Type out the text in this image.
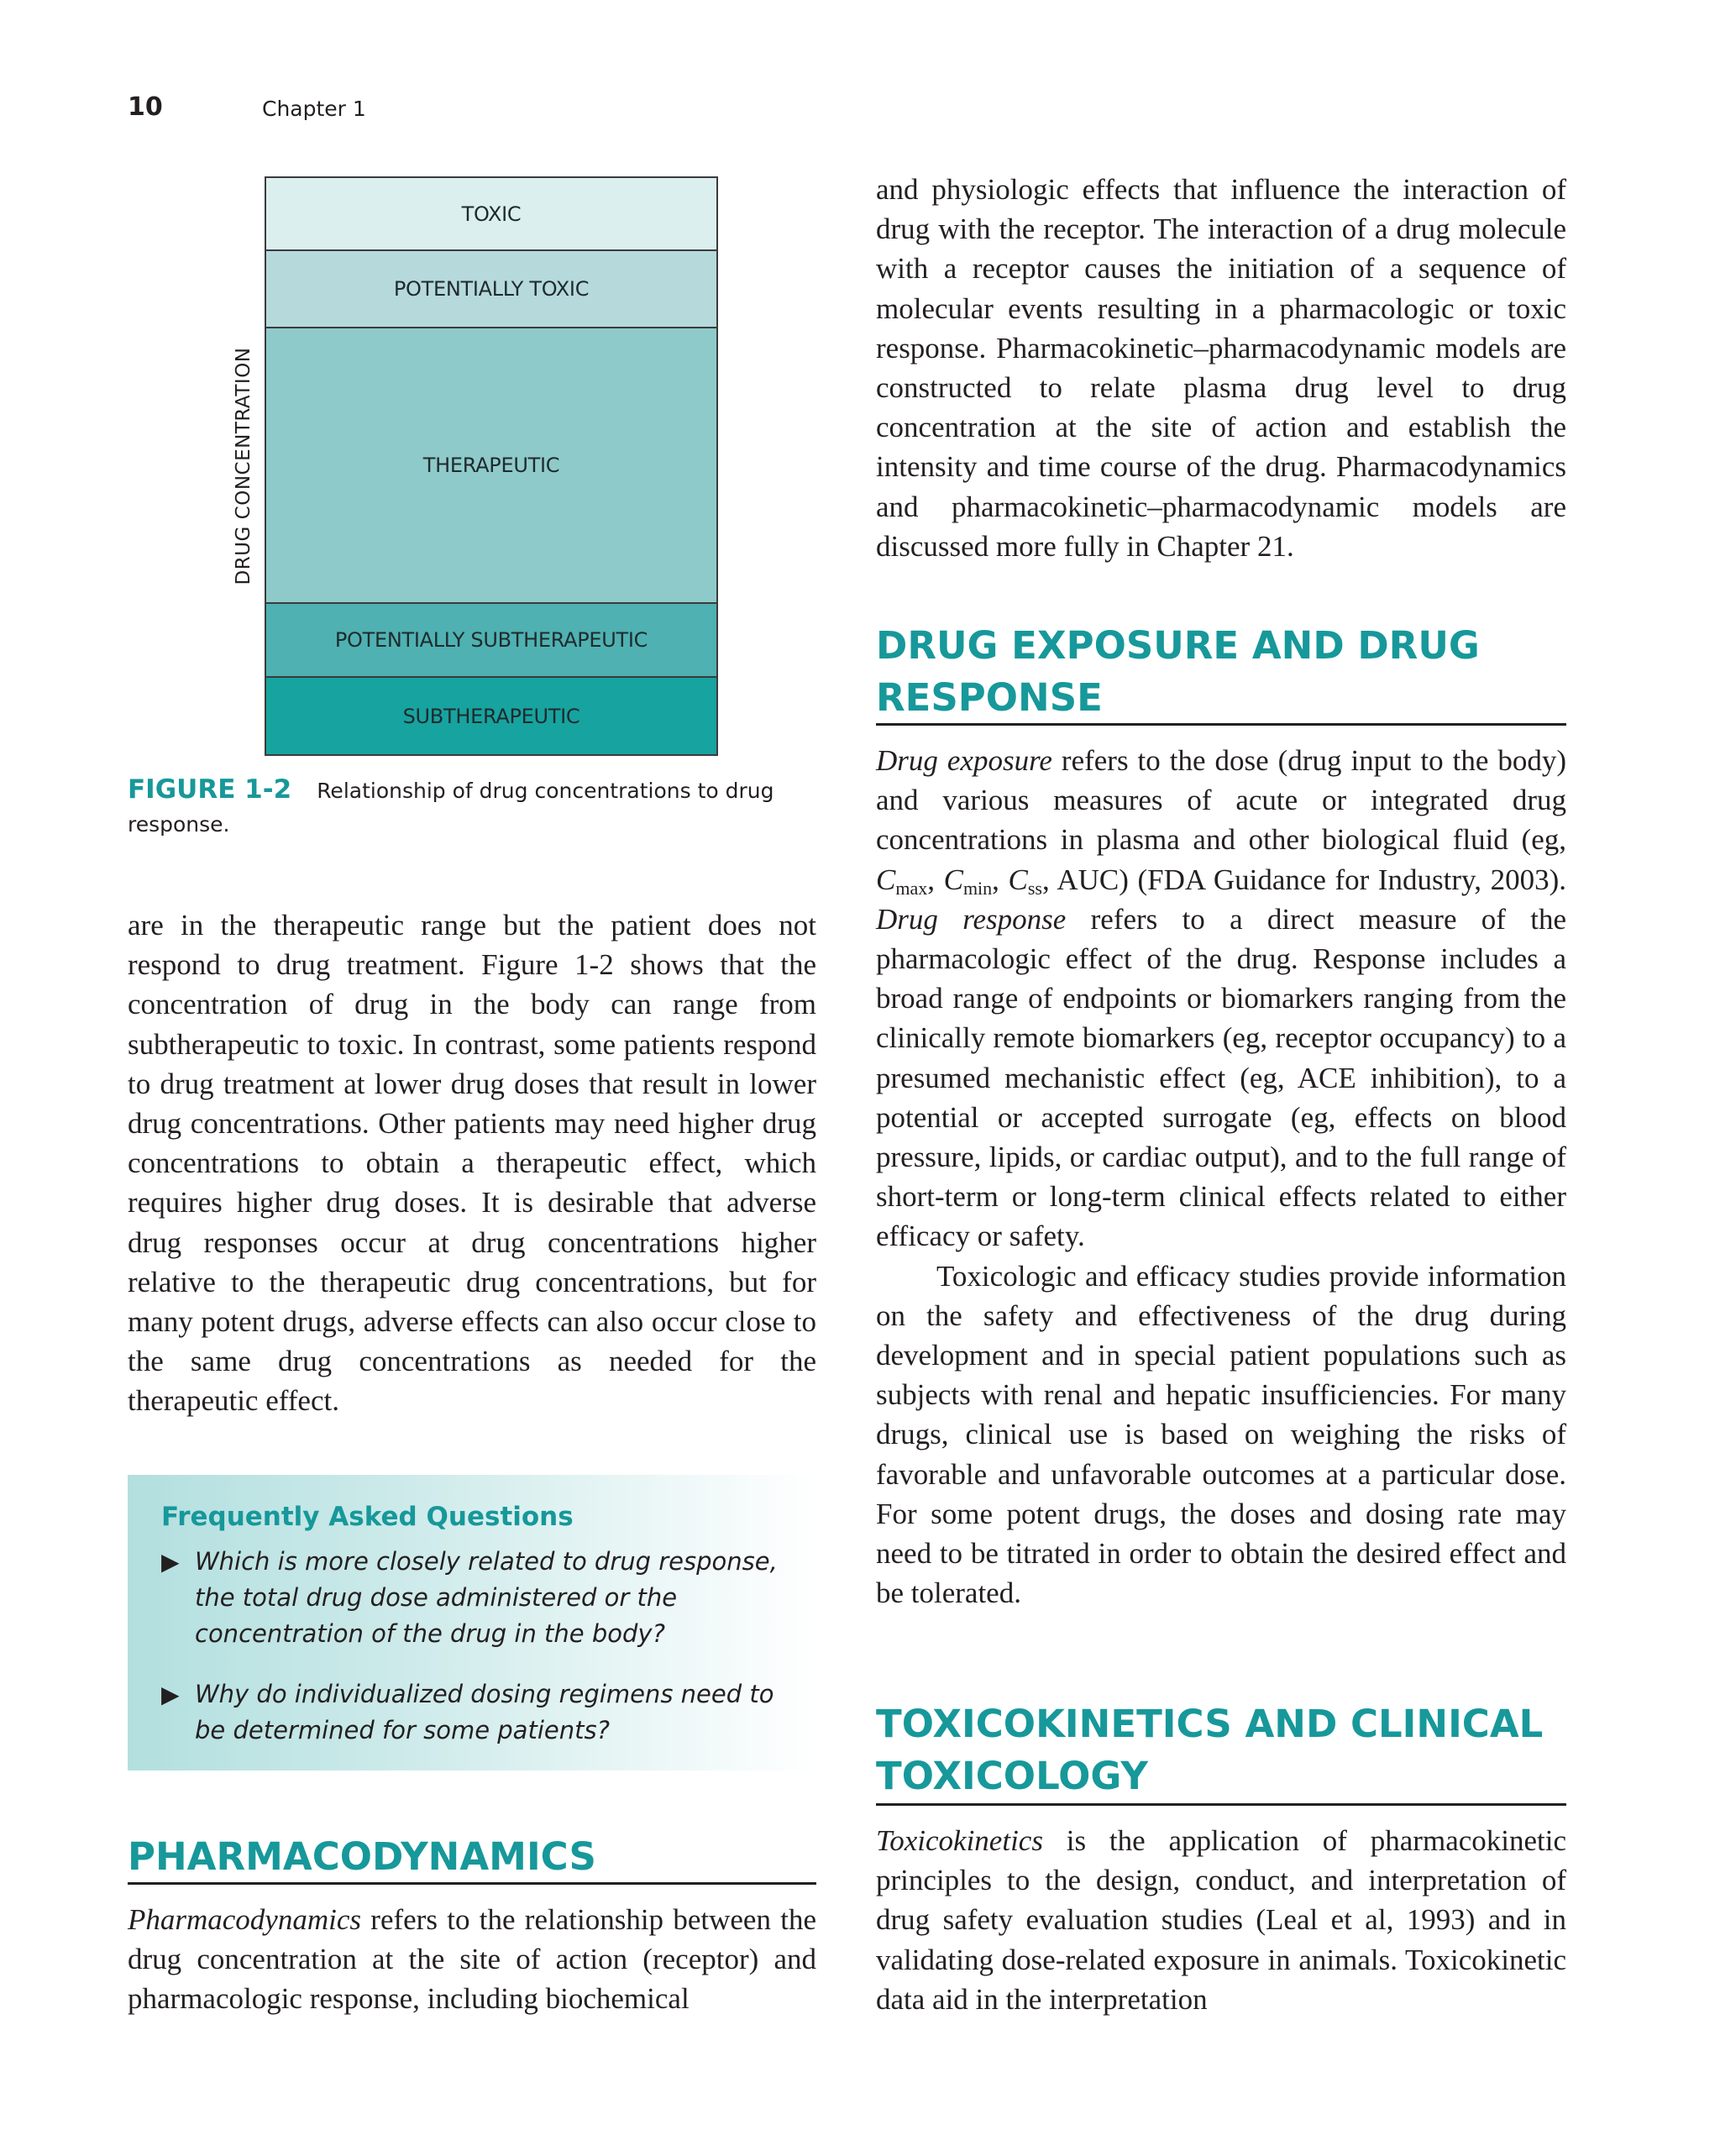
10	Chapter 1
DRUG CONCENTRATION
TOXIC
POTENTIALLY TOXIC
THERAPEUTIC
POTENTIALLY SUBTHERAPEUTIC
SUBTHERAPEUTIC
FIGURE 1-2 Relationship of drug concentrations to drug response.

are in the therapeutic range but the patient does not respond to drug treatment. Figure 1-2 shows that the concentration of drug in the body can range from subtherapeutic to toxic. In contrast, some patients respond to drug treatment at lower drug doses that result in lower drug concentrations. Other patients may need higher drug concentrations to obtain a therapeutic effect, which requires higher drug doses. It is desirable that adverse drug responses occur at drug concentrations higher relative to the therapeutic drug concentrations, but for many potent drugs, adverse effects can also occur close to the same drug concentrations as needed for the therapeutic effect.

Frequently Asked Questions
▶ Which is more closely related to drug response, the total drug dose administered or the concentration of the drug in the body?
▶ Why do individualized dosing regimens need to be determined for some patients?
PHARMACODYNAMICS

Pharmacodynamics refers to the relationship between the drug concentration at the site of action (receptor) and pharmacologic response, including biochemical

and physiologic effects that influence the interaction of drug with the receptor. The interaction of a drug molecule with a receptor causes the initiation of a sequence of molecular events resulting in a pharmacologic or toxic response. Pharmacokinetic–pharmacodynamic models are constructed to relate plasma drug level to drug concentration at the site of action and establish the intensity and time course of the drug. Pharmacodynamics and pharmacokinetic–pharmacodynamic models are discussed more fully in Chapter 21.

DRUG EXPOSURE AND DRUG RESPONSE

Drug exposure refers to the dose (drug input to the body) and various measures of acute or integrated drug concentrations in plasma and other biological fluid (eg, $C_{max}$, $C_{min}$, $C_{ss}$, AUC) (FDA Guidance for Industry, 2003). Drug response refers to a direct measure of the pharmacologic effect of the drug. Response includes a broad range of endpoints or biomarkers ranging from the clinically remote biomarkers (eg, receptor occupancy) to a presumed mechanistic effect (eg, ACE inhibition), to a potential or accepted surrogate (eg, effects on blood pressure, lipids, or cardiac output), and to the full range of short-term or long-term clinical effects related to either efficacy or safety.

Toxicologic and efficacy studies provide information on the safety and effectiveness of the drug during development and in special patient populations such as subjects with renal and hepatic insufficiencies. For many drugs, clinical use is based on weighing the risks of favorable and unfavorable outcomes at a particular dose. For some potent drugs, the doses and dosing rate may need to be titrated in order to obtain the desired effect and be tolerated.

TOXICOKINETICS AND CLINICAL TOXICOLOGY

Toxicokinetics is the application of pharmacokinetic principles to the design, conduct, and interpretation of drug safety evaluation studies (Leal et al, 1993) and in validating dose-related exposure in animals. Toxicokinetic data aid in the interpretation
